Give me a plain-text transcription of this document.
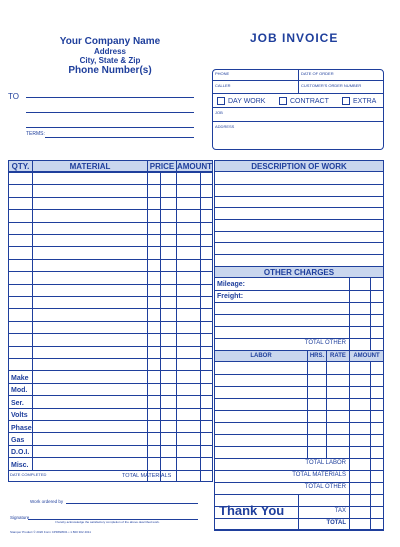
Your Company Name
Address
City, State & Zip
Phone Number(s)
JOB INVOICE
TO
TERMS:
PHONE	DATE OF ORDER
CALLER	CUSTOMER'S ORDER NUMBER
DAY WORK	CONTRACT	EXTRA
JOB
ADDRESS
QTY.	MATERIAL	PRICE AMOUNT	DESCRIPTION OF WORK
Make
Mod.
Ser.
Volts
Phase
Gas
D.O.I.
Misc.
DATE COMPLETED	TOTAL MATERIALS
OTHER CHARGES
Mileage:
Freight:
TOTAL OTHER
LABOR	HRS. RATE	AMOUNT
TOTAL LABOR
TOTAL MATERIALS
TOTAL OTHER
Thank You	TAX
TOTAL
Work ordered by
Signature
I hereby acknowledge the satisfactory completion of the above described work.
Stamper Product © 2020 Form CPD8W001 • 1 800 302 4011
